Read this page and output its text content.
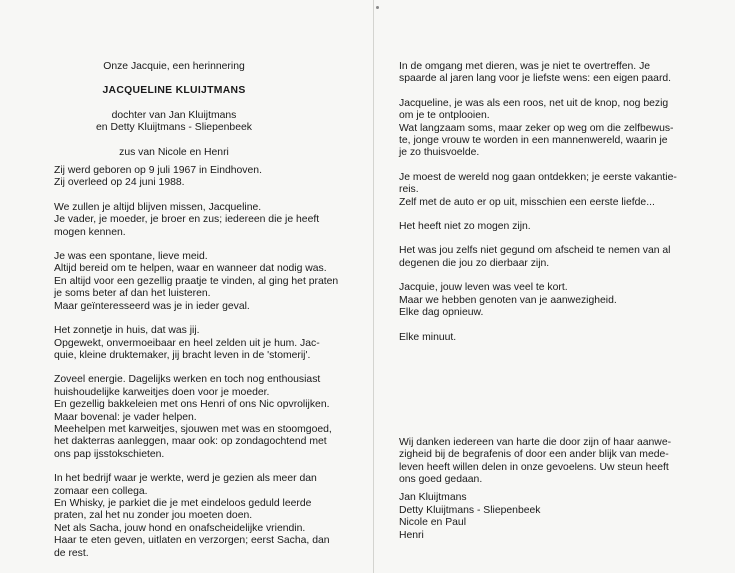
Onze Jacquie, een herinnering
JACQUELINE KLUIJTMANS
dochter van Jan Kluijtmans
en Detty Kluijtmans - Sliepenbeek
zus van Nicole en Henri
Zij werd geboren op 9 juli 1967 in Eindhoven.
Zij overleed op 24 juni 1988.
We zullen je altijd blijven missen, Jacqueline.
Je vader, je moeder, je broer en zus; iedereen die je heeft
mogen kennen.
Je was een spontane, lieve meid.
Altijd bereid om te helpen, waar en wanneer dat nodig was.
En altijd voor een gezellig praatje te vinden, al ging het praten
je soms beter af dan het luisteren.
Maar geïnteresseerd was je in ieder geval.
Het zonnetje in huis, dat was jij.
Opgewekt, onvermoeibaar en heel zelden uit je hum. Jac-
quie, kleine druktemaker, jij bracht leven in de 'stomerij'.
Zoveel energie. Dagelijks werken en toch nog enthousiast
huishoudelijke karweitjes doen voor je moeder.
En gezellig bakkeleien met ons Henri of ons Nic opvrolijken.
Maar bovenal: je vader helpen.
Meehelpen met karweitjes, sjouwen met was en stoomgoed,
het dakterras aanleggen, maar ook: op zondagochtend met
ons pap ijsstokschieten.
In het bedrijf waar je werkte, werd je gezien als meer dan
zomaar een collega.
En Whisky, je parkiet die je met eindeloos geduld leerde
praten, zal het nu zonder jou moeten doen.
Net als Sacha, jouw hond en onafscheidelijke vriendin.
Haar te eten geven, uitlaten en verzorgen; eerst Sacha, dan
de rest.
In de omgang met dieren, was je niet te overtreffen. Je
spaarde al jaren lang voor je liefste wens: een eigen paard.
Jacqueline, je was als een roos, net uit de knop, nog bezig
om je te ontplooien.
Wat langzaam soms, maar zeker op weg om die zelfbewus-
te, jonge vrouw te worden in een mannenwereld, waarin je
je zo thuisvoelde.
Je moest de wereld nog gaan ontdekken; je eerste vakantie-
reis.
Zelf met de auto er op uit, misschien een eerste liefde...
Het heeft niet zo mogen zijn.
Het was jou zelfs niet gegund om afscheid te nemen van al
degenen die jou zo dierbaar zijn.
Jacquie, jouw leven was veel te kort.
Maar we hebben genoten van je aanwezigheid.
Elke dag opnieuw.
Elke minuut.
Wij danken iedereen van harte die door zijn of haar aanwe-
zigheid bij de begrafenis of door een ander blijk van mede-
leven heeft willen delen in onze gevoelens. Uw steun heeft
ons goed gedaan.
Jan Kluijtmans
Detty Kluijtmans - Sliepenbeek
Nicole en Paul
Henri
